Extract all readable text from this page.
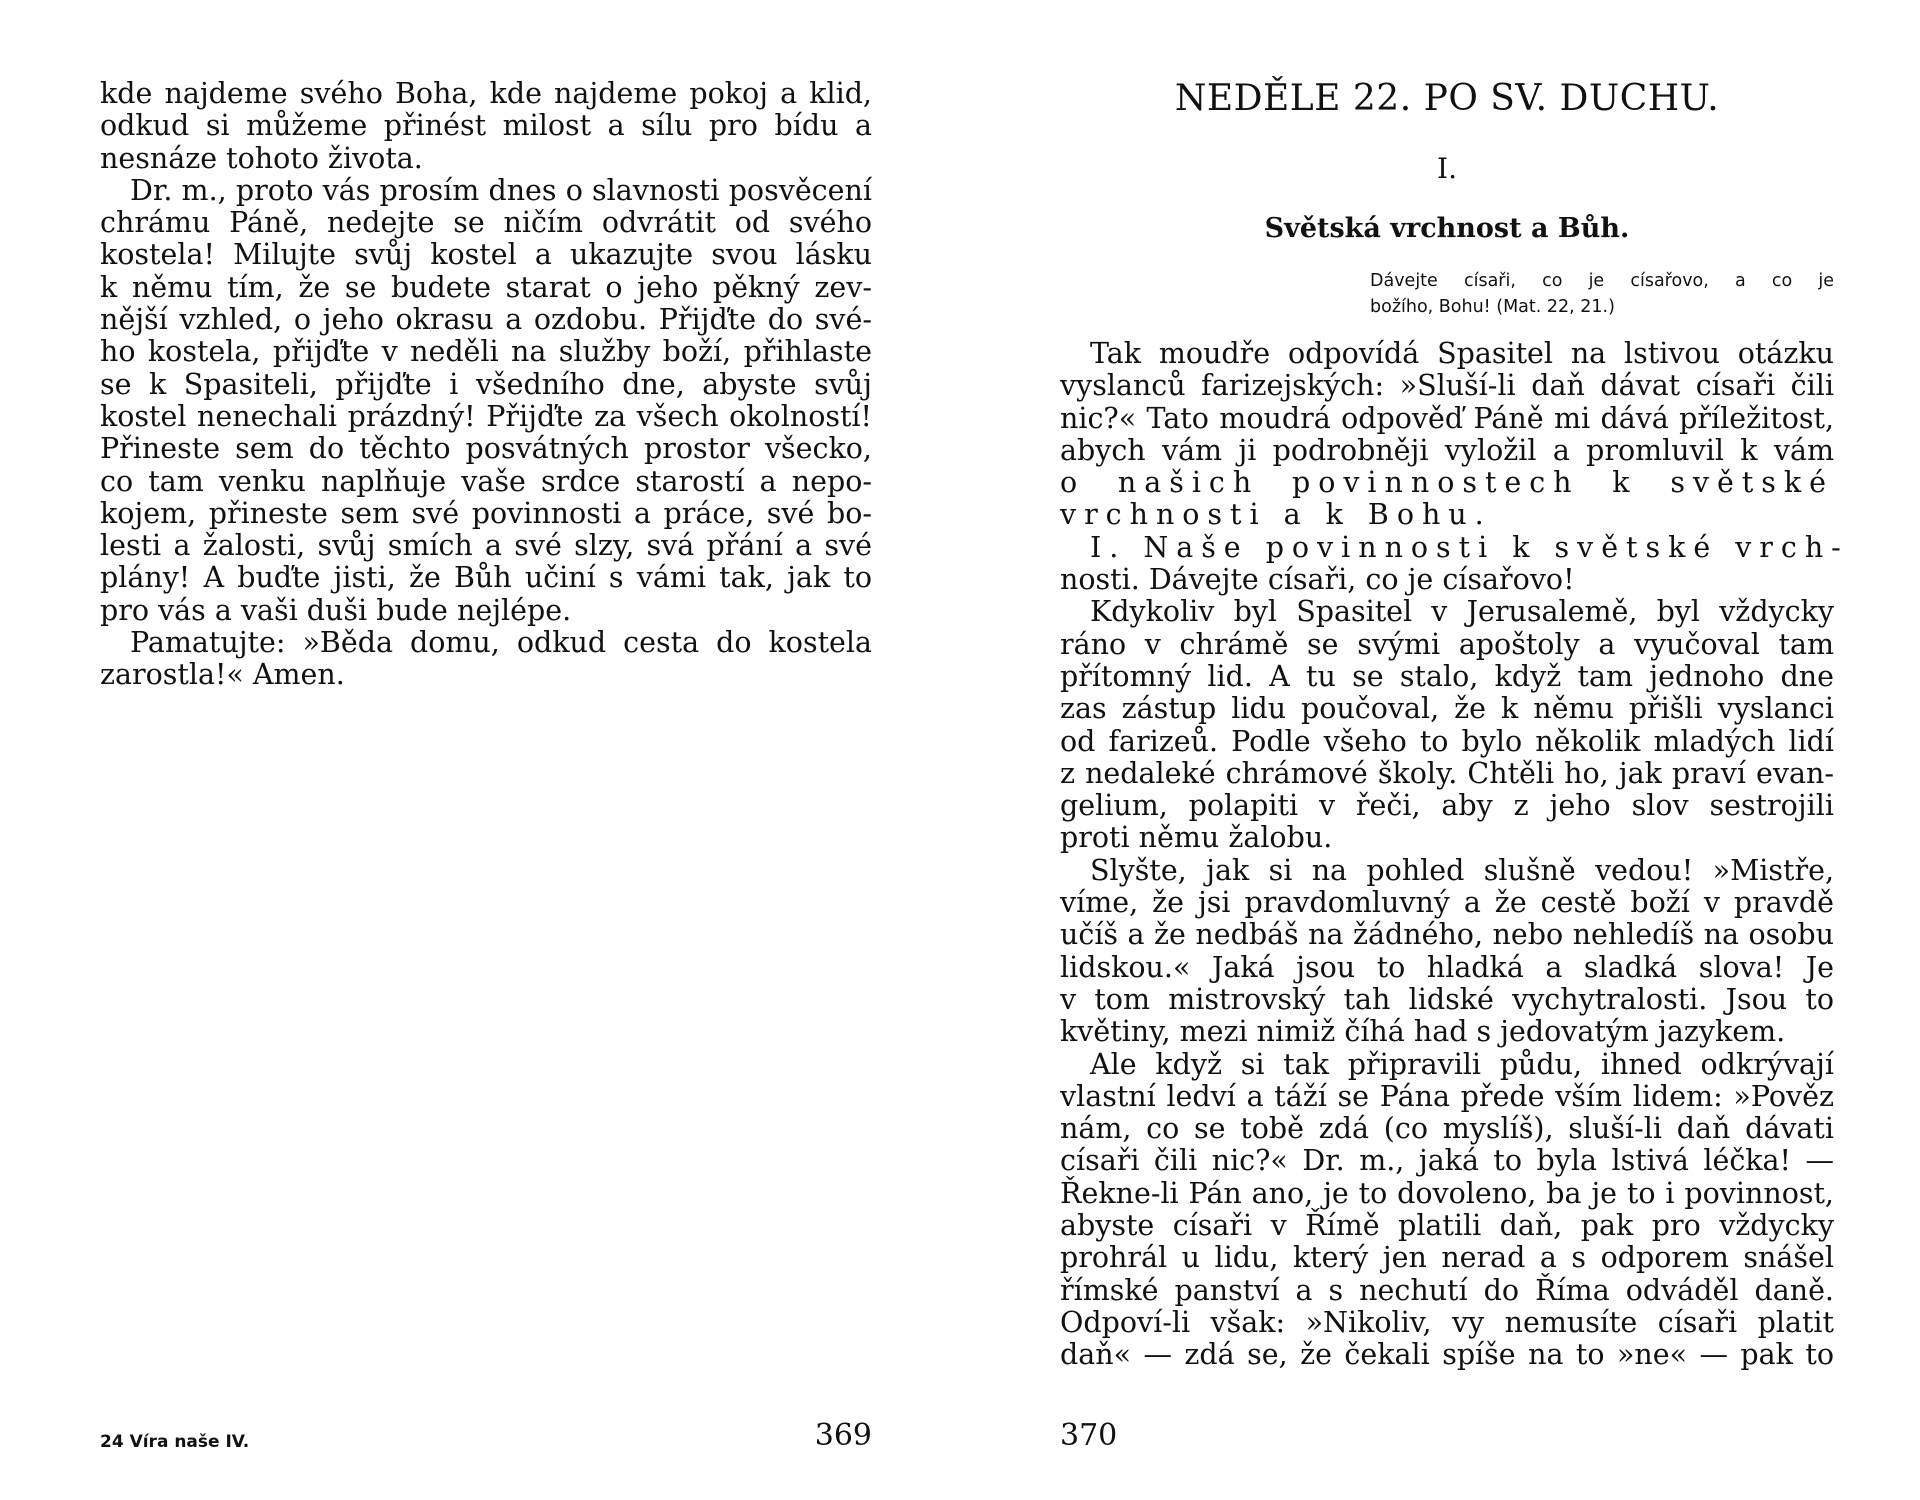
kde najdeme svého Boha, kde najdeme pokoj a klid,
odkud si můžeme přinést milost a sílu pro bídu a
nesnáze tohoto života.
Dr. m., proto vás prosím dnes o slavnosti posvěcení
chrámu Páně, nedejte se ničím odvrátit od svého
kostela! Milujte svůj kostel a ukazujte svou lásku
k němu tím, že se budete starat o jeho pěkný zev-
nější vzhled, o jeho okrasu a ozdobu. Přijďte do své-
ho kostela, přijďte v neděli na služby boží, přihlaste
se k Spasiteli, přijďte i všedního dne, abyste svůj
kostel nenechali prázdný! Přijďte za všech okolností!
Přineste sem do těchto posvátných prostor všecko,
co tam venku naplňuje vaše srdce starostí a nepo-
kojem, přineste sem své povinnosti a práce, své bo-
lesti a žalosti, svůj smích a své slzy, svá přání a své
plány! A buďte jisti, že Bůh učiní s vámi tak, jak to
pro vás a vaši duši bude nejlépe.
Pamatujte: »Běda domu, odkud cesta do kostela
zarostla!« Amen.
24 Víra naše IV.	369
NEDĚLE 22. PO SV. DUCHU.
I.
Světská vrchnost a Bůh.
Dávejte císaři, co je císařovo, a co je
božího, Bohu! (Mat. 22, 21.)
Tak moudře odpovídá Spasitel na lstivou otázku
vyslanců farizejských: »Sluší-li daň dávat císaři čili
nic?« Tato moudrá odpověď Páně mi dává příležitost,
abych vám ji podrobněji vyložil a promluvil k vám
o našich povinnostech k světské
vrchnosti a k Bohu.
I. Naše povinnosti k světské vrch-
nosti. Dávejte císaři, co je císařovo!
Kdykoliv byl Spasitel v Jerusalemě, byl vždycky
ráno v chrámě se svými apoštoly a vyučoval tam
přítomný lid. A tu se stalo, když tam jednoho dne
zas zástup lidu poučoval, že k němu přišli vyslanci
od farizeů. Podle všeho to bylo několik mladých lidí
z nedaleké chrámové školy. Chtěli ho, jak praví evan-
gelium, polapiti v řeči, aby z jeho slov sestrojili
proti němu žalobu.
Slyšte, jak si na pohled slušně vedou! »Mistře,
víme, že jsi pravdomluvný a že cestě boží v pravdě
učíš a že nedbáš na žádného, nebo nehledíš na osobu
lidskou.« Jaká jsou to hladká a sladká slova! Je
v tom mistrovský tah lidské vychytralosti. Jsou to
květiny, mezi nimiž číhá had s jedovatým jazykem.
Ale když si tak připravili půdu, ihned odkrývají
vlastní ledví a táží se Pána přede vším lidem: »Pověz
nám, co se tobě zdá (co myslíš), sluší-li daň dávati
císaři čili nic?« Dr. m., jaká to byla lstivá léčka! —
Řekne-li Pán ano, je to dovoleno, ba je to i povinnost,
abyste císaři v Římě platili daň, pak pro vždycky
prohrál u lidu, který jen nerad a s odporem snášel
římské panství a s nechutí do Říma odváděl daně.
Odpoví-li však: »Nikoliv, vy nemusíte císaři platit
daň« — zdá se, že čekali spíše na to »ne« — pak to
370
